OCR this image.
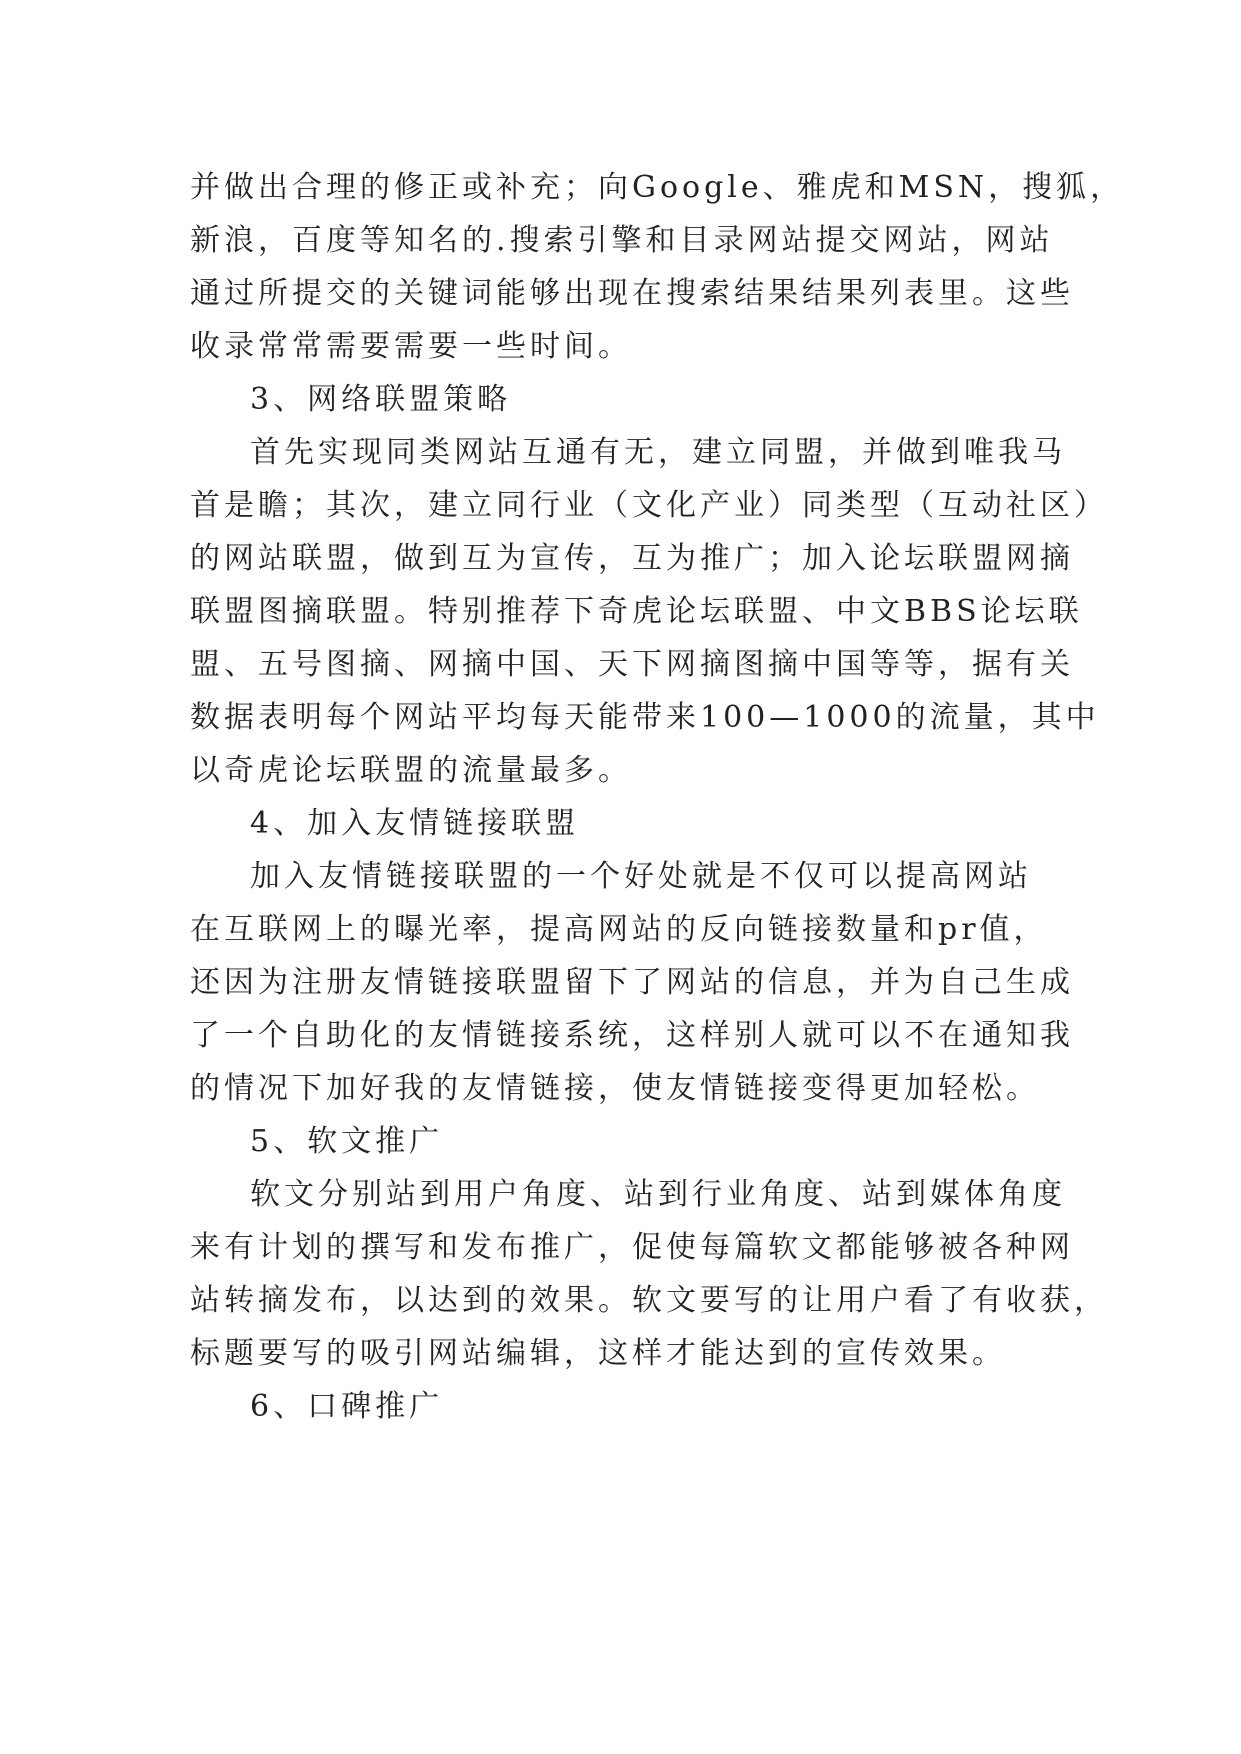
并做出合理的修正或补充；向Google、雅虎和MSN，搜狐，
新浪，百度等知名的.搜索引擎和目录网站提交网站，网站
通过所提交的关键词能够出现在搜索结果结果列表里。这些
收录常常需要需要一些时间。
3、网络联盟策略
首先实现同类网站互通有无，建立同盟，并做到唯我马
首是瞻；其次，建立同行业（文化产业）同类型（互动社区）
的网站联盟，做到互为宣传，互为推广；加入论坛联盟网摘
联盟图摘联盟。特别推荐下奇虎论坛联盟、中文BBS论坛联
盟、五号图摘、网摘中国、天下网摘图摘中国等等，据有关
数据表明每个网站平均每天能带来100—1000的流量，其中
以奇虎论坛联盟的流量最多。
4、加入友情链接联盟
加入友情链接联盟的一个好处就是不仅可以提高网站
在互联网上的曝光率，提高网站的反向链接数量和pr值，
还因为注册友情链接联盟留下了网站的信息，并为自己生成
了一个自助化的友情链接系统，这样别人就可以不在通知我
的情况下加好我的友情链接，使友情链接变得更加轻松。
5、软文推广
软文分别站到用户角度、站到行业角度、站到媒体角度
来有计划的撰写和发布推广，促使每篇软文都能够被各种网
站转摘发布，以达到的效果。软文要写的让用户看了有收获，
标题要写的吸引网站编辑，这样才能达到的宣传效果。
6、口碑推广
